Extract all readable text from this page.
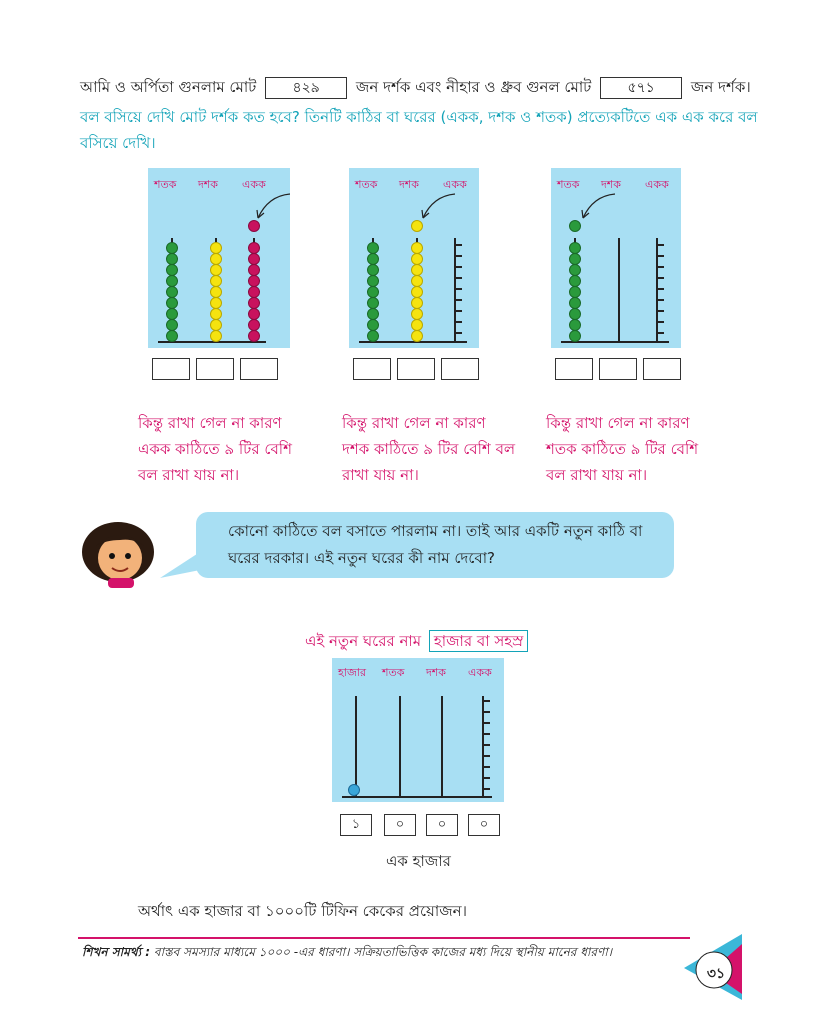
আমি ও অর্পিতা গুনলাম মোট	৪২৯ জন দর্শক এবং নীহার ও ধ্রুব গুনল মোট	৫৭১ জন দর্শক।
বল বসিয়ে দেখি মোট দর্শক কত হবে? তিনটি কাঠির বা ঘরের (একক, দশক ও শতক) প্রত্যেকটিতে এক এক করে বল বসিয়ে দেখি।
শতক দশক একক	শতক দশক একক	শতক দশক একক
কিন্তু রাখা গেল না কারণ একক কাঠিতে ৯ টির বেশি বল রাখা যায় না।
কিন্তু রাখা গেল না কারণ দশক কাঠিতে ৯ টির বেশি বল রাখা যায় না।
কিন্তু রাখা গেল না কারণ শতক কাঠিতে ৯ টির বেশি বল রাখা যায় না।
কোনো কাঠিতে বল বসাতে পারলাম না। তাই আর একটি নতুন কাঠি বা ঘরের দরকার। এই নতুন ঘরের কী নাম দেবো?
এই নতুন ঘরের নাম হাজার বা সহস্র
হাজার শতক দশক একক
১	০	০	০
এক হাজার
অর্থাৎ এক হাজার বা ১০০০টি টিফিন কেকের প্রয়োজন।
শিখন সামর্থ্য : বাস্তব সমস্যার মাধ্যমে ১০০০ -এর ধারণা। সক্রিয়তাভিত্তিক কাজের মধ্য দিয়ে স্থানীয় মানের ধারণা।
৩১
